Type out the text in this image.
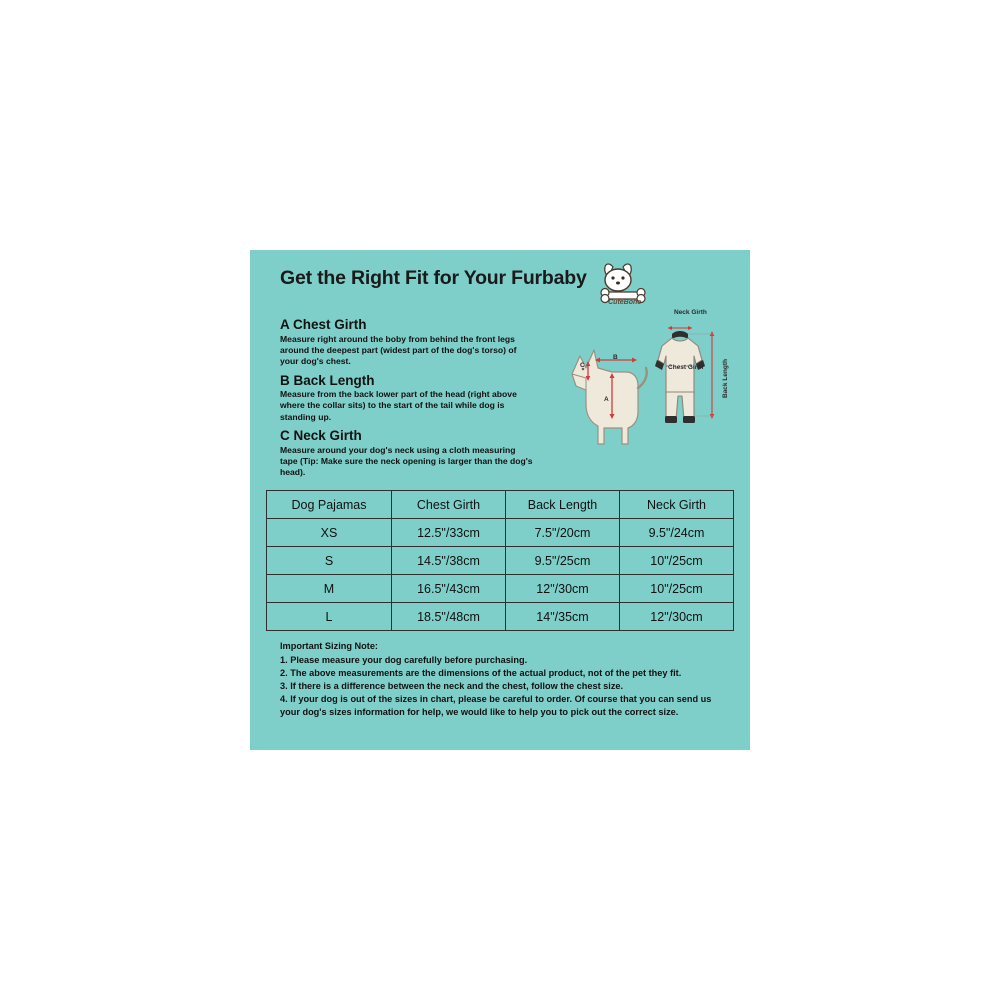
Get the Right Fit for Your Furbaby
CuteBone
A Chest Girth
Measure right around the boby from behind the front legs around the deepest part (widest part of the dog's torso) of your dog's chest.
B Back Length
Measure from the back lower part of the head (right above where the collar sits) to the start of the tail while dog is standing up.
C Neck Girth
Measure around your dog's neck using a cloth measuring tape (Tip: Make sure the neck opening is larger than the dog's head).
A
B
C
Neck Girth
Chest Girth	Back Length
Dog Pajamas	Chest Girth	Back Length	Neck Girth
XS	12.5"/33cm	7.5"/20cm	9.5"/24cm
S	14.5"/38cm	9.5"/25cm	10"/25cm
M	16.5"/43cm	12"/30cm	10"/25cm
L	18.5"/48cm	14"/35cm	12"/30cm
Important Sizing Note:
1. Please measure your dog carefully before purchasing.
2. The above measurements are the dimensions of the actual product, not of the pet they fit.
3. If there is a difference between the neck and the chest, follow the chest size.
4. If your dog is out of the sizes in chart, please be careful to order. Of course that you can send us your dog's sizes information for help, we would like to help you to pick out the correct size.
